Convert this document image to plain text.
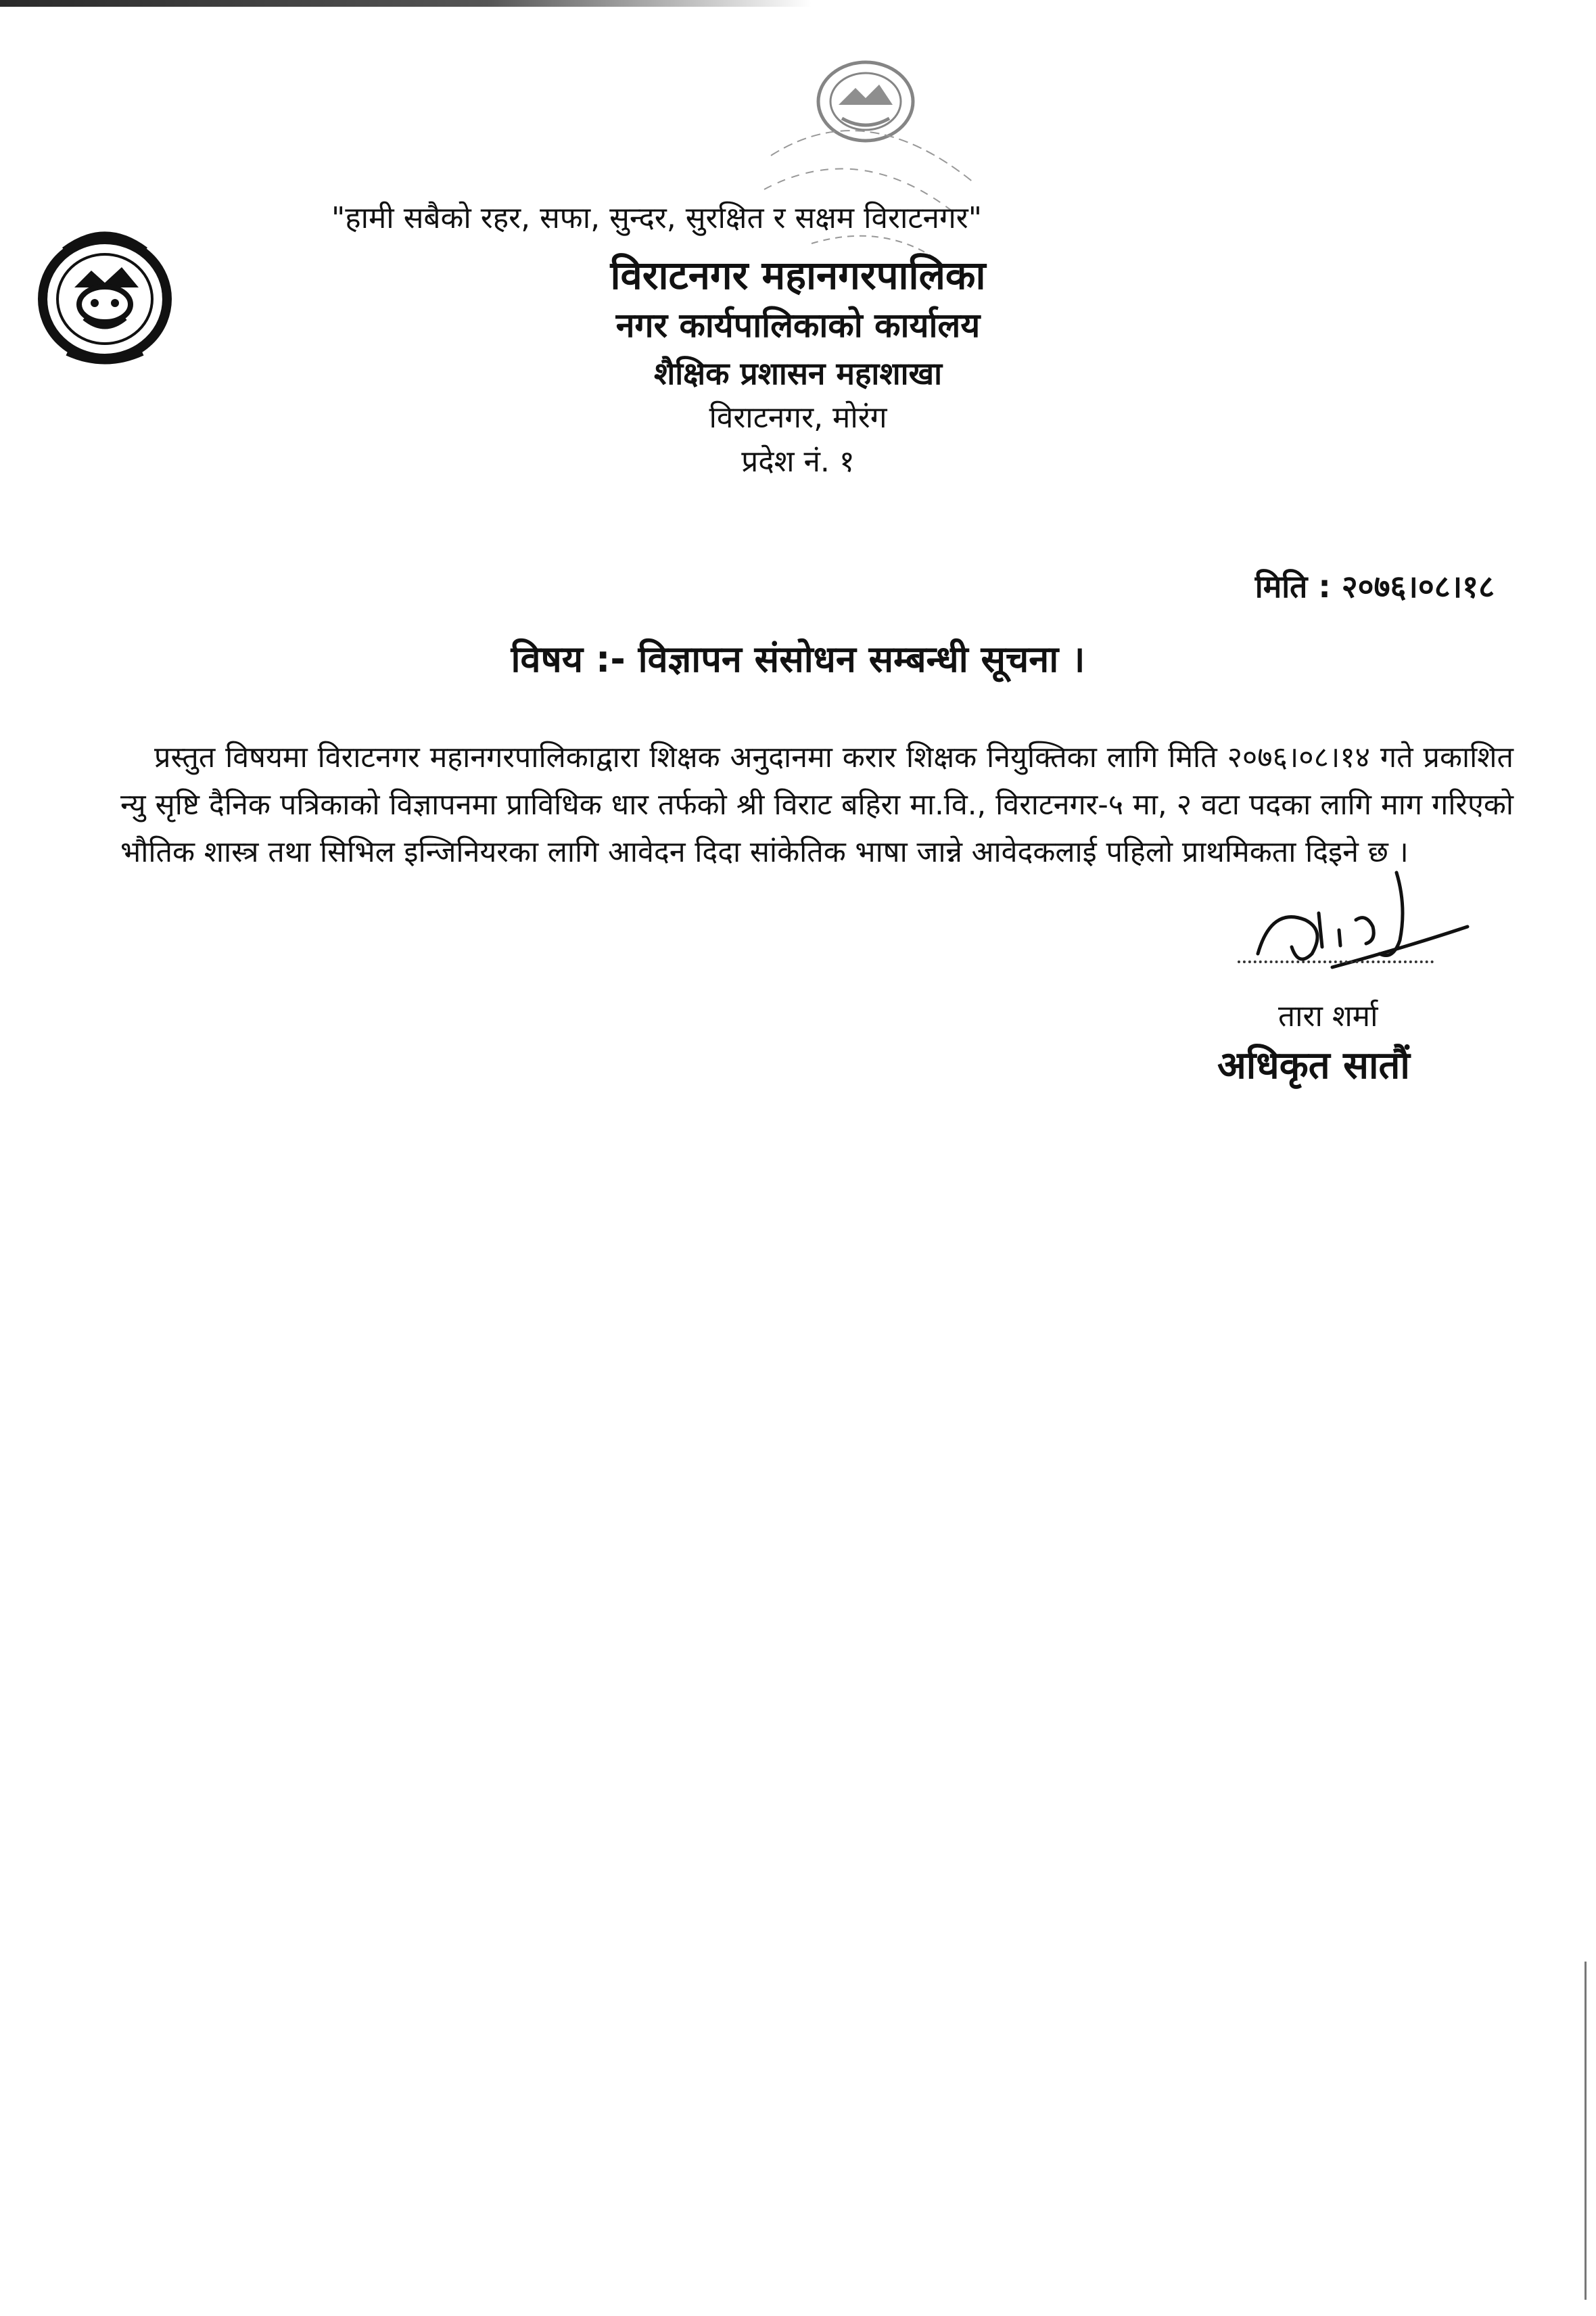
"हामी सबैको रहर, सफा, सुन्दर, सुरक्षित र सक्षम विराटनगर"
विराटनगर महानगरपालिका
नगर कार्यपालिकाको कार्यालय
शैक्षिक प्रशासन महाशाखा
विराटनगर, मोरंग
प्रदेश नं. १
मिति : २०७६।०८।१८
विषय :- विज्ञापन संसोधन सम्बन्धी सूचना ।
प्रस्तुत विषयमा विराटनगर महानगरपालिकाद्वारा शिक्षक अनुदानमा करार शिक्षक नियुक्तिका लागि मिति २०७६।०८।१४ गते प्रकाशित न्यु सृष्टि दैनिक पत्रिकाको विज्ञापनमा प्राविधिक धार तर्फको श्री विराट बहिरा मा.वि., विराटनगर-५ मा, २ वटा पदका लागि माग गरिएको भौतिक शास्त्र तथा सिभिल इन्जिनियरका लागि आवेदन दिदा सांकेतिक भाषा जान्ने आवेदकलाई पहिलो प्राथमिकता दिइने छ ।
तारा शर्मा
अधिकृत सातौं
